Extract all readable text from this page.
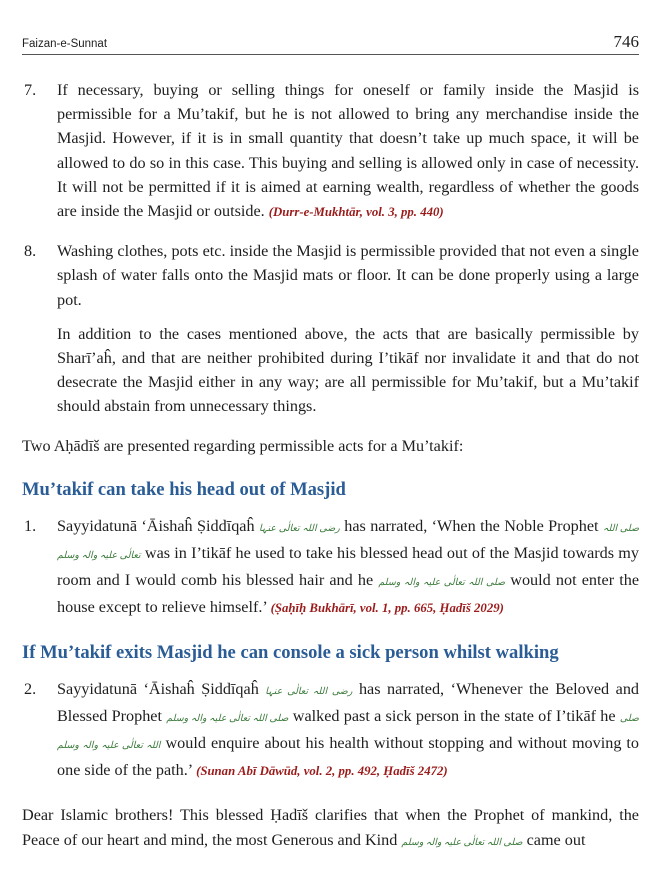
Faizan-e-Sunnat	746
7. If necessary, buying or selling things for oneself or family inside the Masjid is permissible for a Mu’takif, but he is not allowed to bring any merchandise inside the Masjid. However, if it is in small quantity that doesn’t take up much space, it will be allowed to do so in this case. This buying and selling is allowed only in case of necessity. It will not be permitted if it is aimed at earning wealth, regardless of whether the goods are inside the Masjid or outside. (Durr-e-Mukhtār, vol. 3, pp. 440)
8. Washing clothes, pots etc. inside the Masjid is permissible provided that not even a single splash of water falls onto the Masjid mats or floor. It can be done properly using a large pot.
In addition to the cases mentioned above, the acts that are basically permissible by Sharī’aĥ, and that are neither prohibited during I’tikāf nor invalidate it and that do not desecrate the Masjid either in any way; are all permissible for Mu’takif, but a Mu’takif should abstain from unnecessary things.
Two Aḥādīš are presented regarding permissible acts for a Mu’takif:
Mu’takif can take his head out of Masjid
1. Sayyidatunā ‘Āishaĥ Ṣiddīqaĥ رضی اللہ تعالٰی عنہا has narrated, ‘When the Noble Prophet صلی اللہ تعالٰی علیہ والہ وسلم was in I’tikāf he used to take his blessed head out of the Masjid towards my room and I would comb his blessed hair and he صلی اللہ تعالٰی علیہ والہ وسلم would not enter the house except to relieve himself.’ (Ṣaḥīḥ Bukhārī, vol. 1, pp. 665, Ḥadīš 2029)
If Mu’takif exits Masjid he can console a sick person whilst walking
2. Sayyidatunā ‘Āishaĥ Ṣiddīqaĥ رضی اللہ تعالٰی عنہا has narrated, ‘Whenever the Beloved and Blessed Prophet صلی اللہ تعالٰی علیہ والہ وسلم walked past a sick person in the state of I’tikāf he صلی اللہ تعالٰی علیہ والہ وسلم would enquire about his health without stopping and without moving to one side of the path.’ (Sunan Abī Dāwūd, vol. 2, pp. 492, Ḥadīš 2472)
Dear Islamic brothers! This blessed Ḥadīš clarifies that when the Prophet of mankind, the Peace of our heart and mind, the most Generous and Kind صلی اللہ تعالٰی علیہ والہ وسلم came out
